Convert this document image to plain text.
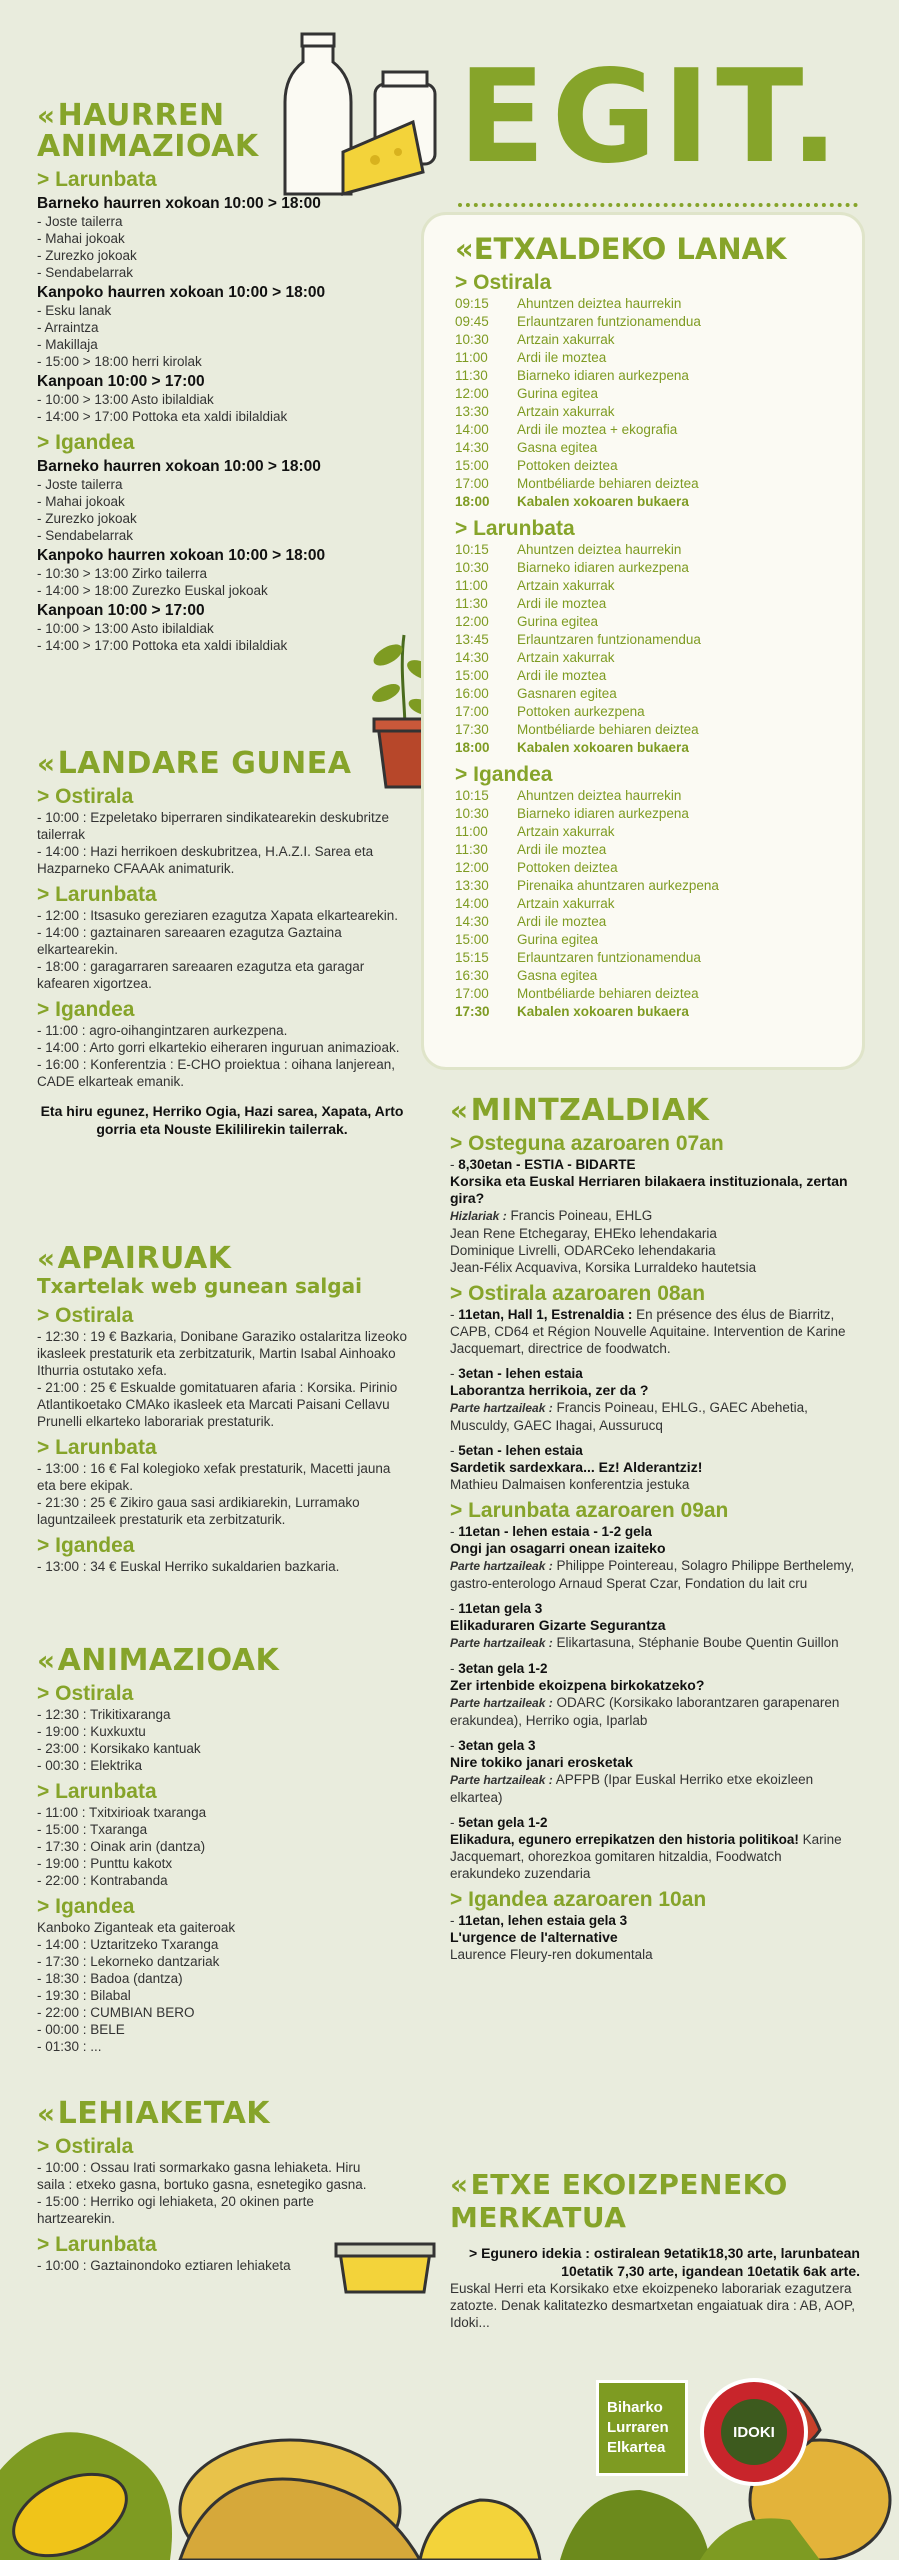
EGIT.
«HAURREN ANIMAZIOAK
> Larunbata
Barneko haurren xokoan 10:00 > 18:00
- Joste tailerra
- Mahai jokoak
- Zurezko jokoak
- Sendabelarrak
Kanpoko haurren xokoan 10:00 > 18:00
- Esku lanak
- Arraintza
- Makillaja
- 15:00 > 18:00 herri kirolak
Kanpoan 10:00 > 17:00
- 10:00 > 13:00 Asto ibilaldiak
- 14:00 > 17:00 Pottoka eta xaldi ibilaldiak
> Igandea
Barneko haurren xokoan 10:00 > 18:00
- Joste tailerra
- Mahai jokoak
- Zurezko jokoak
- Sendabelarrak
Kanpoko haurren xokoan 10:00 > 18:00
- 10:30 > 13:00 Zirko tailerra
- 14:00 > 18:00 Zurezko Euskal jokoak
Kanpoan 10:00 > 17:00
- 10:00 > 13:00 Asto ibilaldiak
- 14:00 > 17:00 Pottoka eta xaldi ibilaldiak
«LANDARE GUNEA
> Ostirala
- 10:00 : Ezpeletako biperraren sindikatearekin deskubritze tailerrak
- 14:00 : Hazi herrikoen deskubritzea, H.A.Z.I. Sarea eta Hazparneko CFAAAk animaturik.
> Larunbata
- 12:00 : Itsasuko gereziaren ezagutza Xapata elkartearekin.
- 14:00 : gaztainaren sareaaren ezagutza Gaztaina elkartearekin.
- 18:00 : garagarraren sareaaren ezagutza eta garagar kafearen xigortzea.
> Igandea
- 11:00 : agro-oihangintzaren aurkezpena.
- 14:00 : Arto gorri elkartekio eiheraren inguruan animazioak.
- 16:00 : Konferentzia : E-CHO proiektua : oihana lanjerean, CADE elkarteak emanik.
Eta hiru egunez, Herriko Ogia, Hazi sarea, Xapata, Arto gorria eta Nouste Ekililirekin tailerrak.
«APAIRUAK
Txartelak web gunean salgai
> Ostirala
- 12:30 : 19 € Bazkaria, Donibane Garaziko ostalaritza lizeoko ikasleek prestaturik eta zerbitzaturik, Martin Isabal Ainhoako Ithurria ostutako xefa.
- 21:00 : 25 € Eskualde gomitatuaren afaria : Korsika. Pirinio Atlantikoetako CMAko ikasleek eta Marcati Paisani Cellavu Prunelli elkarteko laborariak prestaturik.
> Larunbata
- 13:00 : 16 € Fal kolegioko xefak prestaturik, Macetti jauna eta bere ekipak.
- 21:30 : 25 € Zikiro gaua sasi ardikiarekin, Lurramako laguntzaileek prestaturik eta zerbitzaturik.
> Igandea
- 13:00 : 34 € Euskal Herriko sukaldarien bazkaria.
«ANIMAZIOAK
> Ostirala
- 12:30 : Trikitixaranga
- 19:00 : Kuxkuxtu
- 23:00 : Korsikako kantuak
- 00:30 : Elektrika
> Larunbata
- 11:00 : Txitxirioak txaranga
- 15:00 : Txaranga
- 17:30 : Oinak arin (dantza)
- 19:00 : Punttu kakotx
- 22:00 : Kontrabanda
> Igandea
Kanboko Ziganteak eta gaiteroak
- 14:00 : Uztaritzeko Txaranga
- 17:30 : Lekorneko dantzariak
- 18:30 : Badoa (dantza)
- 19:30 : Bilabal
- 22:00 : CUMBIAN BERO
- 00:00 : BELE
- 01:30 : ...
«LEHIAKETAK
> Ostirala
- 10:00 : Ossau Irati sormarkako gasna lehiaketa. Hiru saila : etxeko gasna, bortuko gasna, esnetegiko gasna.
- 15:00 : Herriko ogi lehiaketa, 20 okinen parte hartzearekin.
> Larunbata
- 10:00 : Gaztainondoko eztiaren lehiaketa
«ETXALDEKO LANAK
> Ostirala
09:15	Ahuntzen deiztea haurrekin
09:45	Erlauntzaren funtzionamendua
10:30	Artzain xakurrak
11:00	Ardi ile moztea
11:30	Biarneko idiaren aurkezpena
12:00	Gurina egitea
13:30	Artzain xakurrak
14:00	Ardi ile moztea + ekografia
14:30	Gasna egitea
15:00	Pottoken deiztea
17:00	Montbéliarde behiaren deiztea
18:00	Kabalen xokoaren bukaera
> Larunbata
10:15	Ahuntzen deiztea haurrekin
10:30	Biarneko idiaren aurkezpena
11:00	Artzain xakurrak
11:30	Ardi ile moztea
12:00	Gurina egitea
13:45	Erlauntzaren funtzionamendua
14:30	Artzain xakurrak
15:00	Ardi ile moztea
16:00	Gasnaren egitea
17:00	Pottoken aurkezpena
17:30	Montbéliarde behiaren deiztea
18:00	Kabalen xokoaren bukaera
> Igandea
10:15	Ahuntzen deiztea haurrekin
10:30	Biarneko idiaren aurkezpena
11:00	Artzain xakurrak
11:30	Ardi ile moztea
12:00	Pottoken deiztea
13:30	Pirenaika ahuntzaren aurkezpena
14:00	Artzain xakurrak
14:30	Ardi ile moztea
15:00	Gurina egitea
15:15	Erlauntzaren funtzionamendua
16:30	Gasna egitea
17:00	Montbéliarde behiaren deiztea
17:30	Kabalen xokoaren bukaera
«MINTZALDIAK
> Osteguna azaroaren 07an
- 8,30etan - ESTIA - BIDARTE
Korsika eta Euskal Herriaren bilakaera instituzionala, zertan gira?
Hizlariak : Francis Poineau, EHLG
Jean Rene Etchegaray, EHEko lehendakaria
Dominique Livrelli, ODARCeko lehendakaria
Jean-Félix Acquaviva, Korsika Lurraldeko hautetsia
> Ostirala azaroaren 08an
- 11etan, Hall 1, Estrenaldia : En présence des élus de Biarritz, CAPB, CD64 et Région Nouvelle Aquitaine. Intervention de Karine Jacquemart, directrice de foodwatch.
- 3etan - lehen estaia
Laborantza herrikoia, zer da ?
Parte hartzaileak : Francis Poineau, EHLG., GAEC Abehetia, Musculdy, GAEC Ihagai, Aussurucq
- 5etan - lehen estaia
Sardetik sardexkara... Ez! Alderantziz!
Mathieu Dalmaisen konferentzia jestuka
> Larunbata azaroaren 09an
- 11etan - lehen estaia - 1-2 gela
Ongi jan osagarri onean izaiteko
Parte hartzaileak : Philippe Pointereau, Solagro Philippe Berthelemy, gastro-enterologo Arnaud Sperat Czar, Fondation du lait cru
- 11etan gela 3
Elikaduraren Gizarte Segurantza
Parte hartzaileak : Elikartasuna, Stéphanie Boube Quentin Guillon
- 3etan gela 1-2
Zer irtenbide ekoizpena birkokatzeko?
Parte hartzaileak : ODARC (Korsikako laborantzaren garapenaren erakundea), Herriko ogia, Iparlab
- 3etan gela 3
Nire tokiko janari erosketak
Parte hartzaileak : APFPB (Ipar Euskal Herriko etxe ekoizleen elkartea)
- 5etan gela 1-2
Elikadura, egunero errepikatzen den historia politikoa! Karine Jacquemart, ohorezkoa gomitaren hitzaldia, Foodwatch erakundeko zuzendaria
> Igandea azaroaren 10an
- 11etan, lehen estaia gela 3
L'urgence de l'alternative
Laurence Fleury-ren dokumentala
«ETXE EKOIZPENEKO MERKATUA
> Egunero idekia : ostiralean 9etatik18,30 arte, larunbatean 10etatik 7,30 arte, igandean 10etatik 6ak arte.
Euskal Herri eta Korsikako etxe ekoizpeneko laborariak ezagutzera zatozte. Denak kalitatezko desmartxetan engaiatuak dira : AB, AOP, Idoki...
Biharko
Lurraren
Elkartea
IDOKI
